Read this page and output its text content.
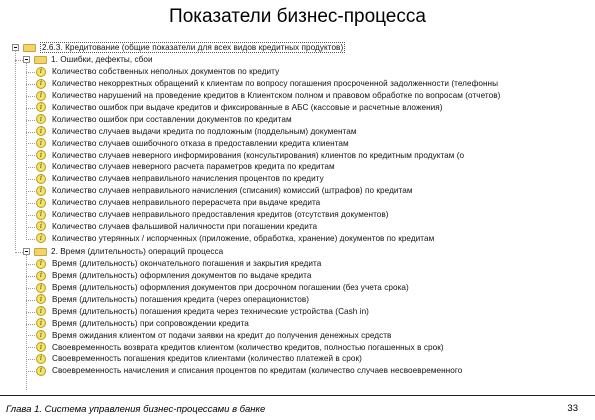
Показатели бизнес-процесса
2.6.3. Кредитование (общие показатели для всех видов кредитных продуктов)
1. Ошибки, дефекты, сбои
i	Количество собственных неполных документов по кредиту
i	Количество некорректных обращений к клиентам по вопросу погашения просроченной задолженности (телефонны
i	Количество нарушений на проведение кредитов в Клиентском полном и правовом обработке по вопросам (отчетов)
i	Количество ошибок при выдаче кредитов и фиксированные в АБС (кассовые и расчетные вложения)
i	Количество ошибок при составлении документов по кредитам
i	Количество случаев выдачи кредита по подложным (поддельным) документам
i	Количество случаев ошибочного отказа в предоставлении кредита клиентам
i	Количество случаев неверного информирования (консультирования) клиентов по кредитным продуктам (о
i	Количество случаев неверного расчета параметров кредита по кредитам
i	Количество случаев неправильного начисления процентов по кредиту
i	Количество случаев неправильного начисления (списания) комиссий (штрафов) по кредитам
i	Количество случаев неправильного перерасчета при выдаче кредита
i	Количество случаев неправильного предоставления кредитов (отсутствия документов)
i	Количество случаев фальшивой наличности при погашении кредита
i	Количество утерянных / испорченных (приложение, обработка, хранение) документов по кредитам
2. Время (длительность) операций процесса
i	Время (длительность) окончательного погашения и закрытия кредита
i	Время (длительность) оформления документов по выдаче кредита
i	Время (длительность) оформления документов при досрочном погашении (без учета срока)
i	Время (длительность) погашения кредита (через операционистов)
i	Время (длительность) погашения кредита через технические устройства (Cash in)
i	Время (длительность) при сопровождении кредита
i	Время ожидания клиентом от подачи заявки на кредит до получения денежных средств
i	Своевременность возврата кредитов клиентом (количество кредитов, полностью погашенных в срок)
i	Своевременность погашения кредитов клиентами (количество платежей в срок)
i	Своевременность начисления и списания процентов по кредитам (количество случаев несвоевременного
Глава 1. Система управления бизнес-процессами в банке	33
